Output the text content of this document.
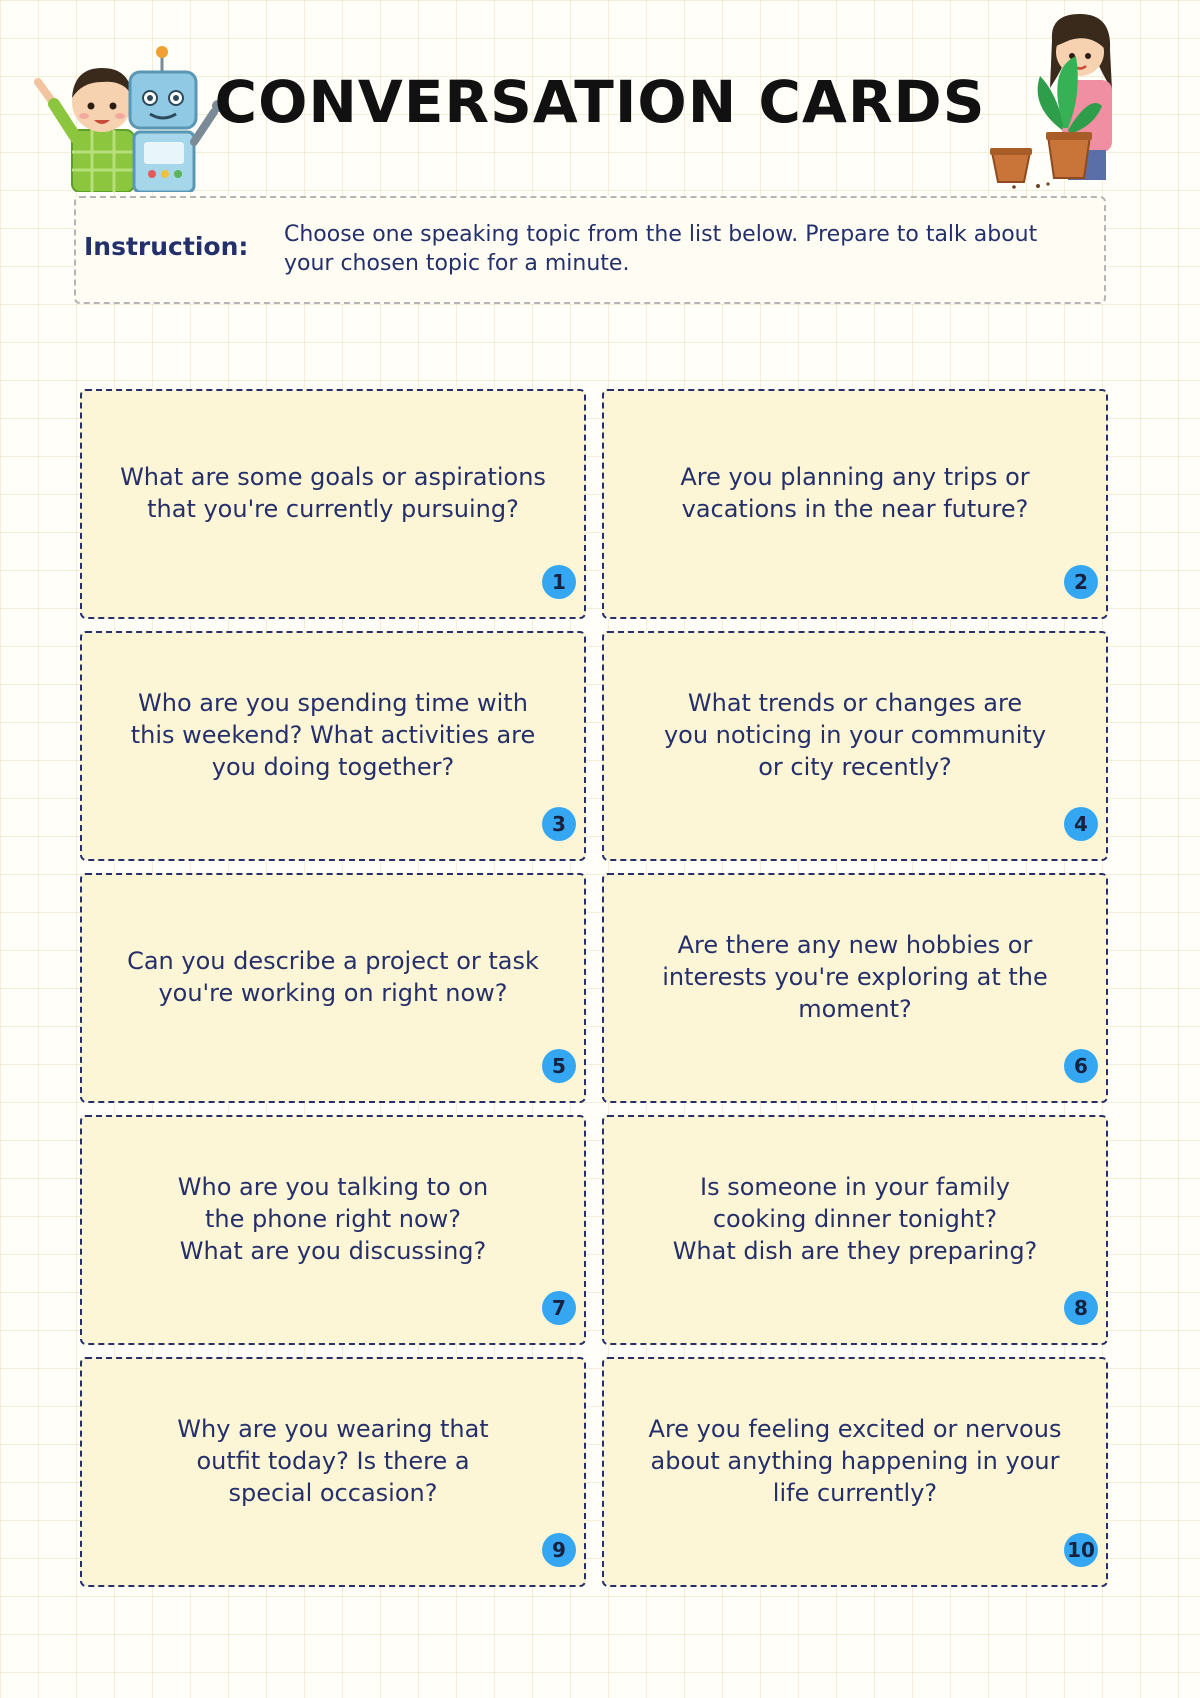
CONVERSATION CARDS
Instruction: Choose one speaking topic from the list below. Prepare to talk about your chosen topic for a minute.
What are some goals or aspirations
that you're currently pursuing?
1
Are you planning any trips or
vacations in the near future?
2
Who are you spending time with
this weekend? What activities are
you doing together?
3
What trends or changes are
you noticing in your community
or city recently?
4
Can you describe a project or task
you're working on right now?
5
Are there any new hobbies or
interests you're exploring at the
moment?
6
Who are you talking to on
the phone right now?
What are you discussing?
7
Is someone in your family
cooking dinner tonight?
What dish are they preparing?
8
Why are you wearing that
outfit today? Is there a
special occasion?
9
Are you feeling excited or nervous
about anything happening in your
life currently?
10
